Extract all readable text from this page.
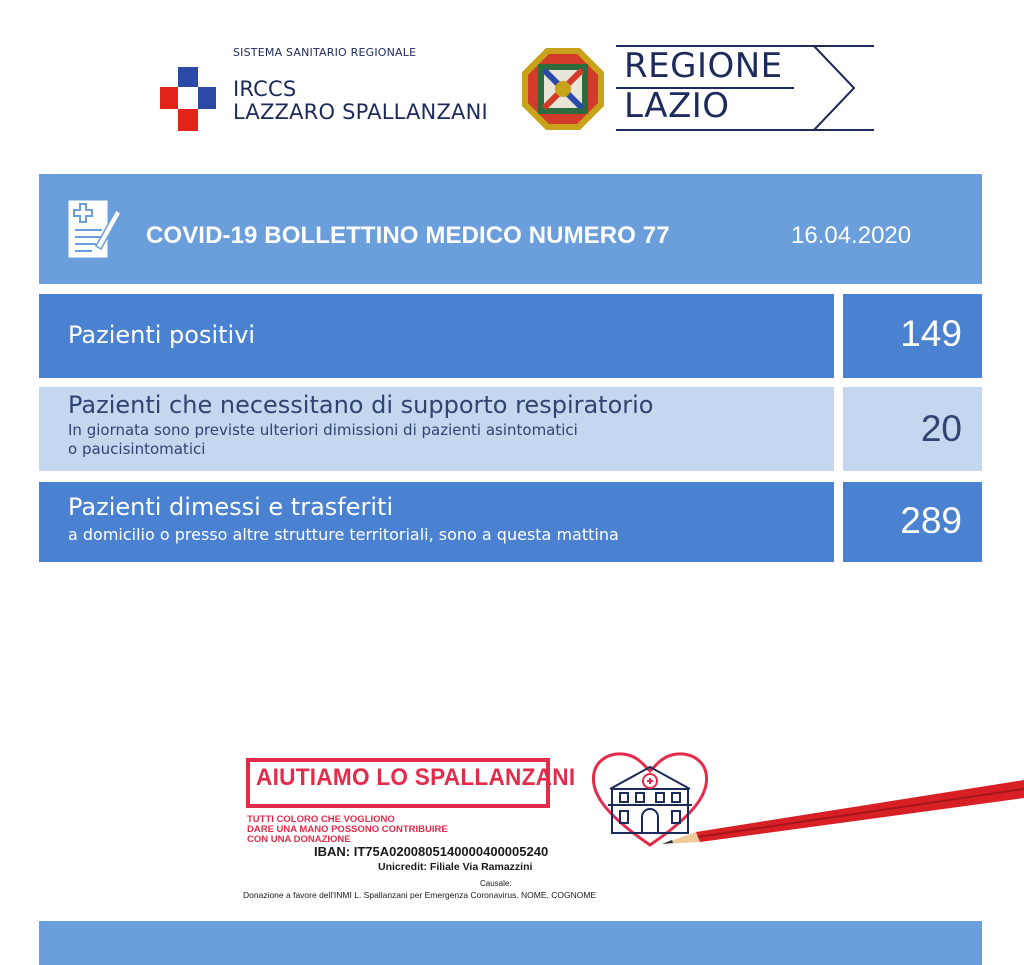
SISTEMA SANITARIO REGIONALE
IRCCS
LAZZARO SPALLANZANI
REGIONE
LAZIO
COVID-19 BOLLETTINO MEDICO NUMERO 77	16.04.2020
Pazienti positivi	149
Pazienti che necessitano di supporto respiratorio
In giornata sono previste ulteriori dimissioni di pazienti asintomatici
o paucisintomatici	20
Pazienti dimessi e trasferiti
a domicilio o presso altre strutture territoriali, sono a questa mattina	289
AIUTIAMO LO SPALLANZANI
TUTTI COLORO CHE VOGLIONO
DARE UNA MANO POSSONO CONTRIBUIRE
CON UNA DONAZIONE
IBAN: IT75A0200805140000400005240
Unicredit: Filiale Via Ramazzini
Causale:
Donazione a favore dell'INMI L. Spallanzani per Emergenza Coronavirus. NOME, COGNOME
